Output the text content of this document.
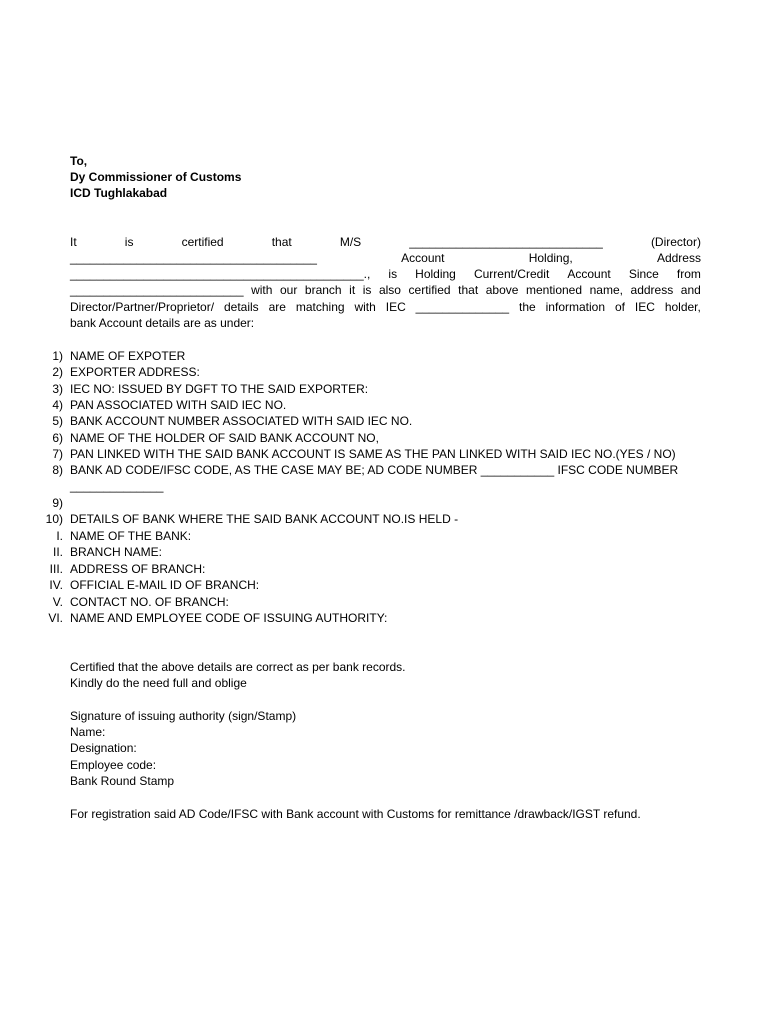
To,
Dy Commissioner of Customs
ICD Tughlakabad
It	is	certified	that	M/S	_____________________________	(Director)
_____________________________________	Account	Holding,	Address
____________________________________________., is Holding Current/Credit Account Since from
__________________________ with our branch it is also certified that above mentioned name, address and
Director/Partner/Proprietor/ details are matching with IEC ______________ the information of IEC holder,
bank Account details are as under:
1) NAME OF EXPOTER
2) EXPORTER ADDRESS:
3) IEC NO: ISSUED BY DGFT TO THE SAID EXPORTER:
4) PAN ASSOCIATED WITH SAID IEC NO.
5) BANK ACCOUNT NUMBER ASSOCIATED WITH SAID IEC NO.
6) NAME OF THE HOLDER OF SAID BANK ACCOUNT NO,
7) PAN LINKED WITH THE SAID BANK ACCOUNT IS SAME AS THE PAN LINKED WITH SAID IEC NO.(YES / NO)
8) BANK AD CODE/IFSC CODE, AS THE CASE MAY BE; AD CODE NUMBER ___________ IFSC CODE NUMBER
______________
9)
10) DETAILS OF BANK WHERE THE SAID BANK ACCOUNT NO.IS HELD -
I. NAME OF THE BANK:
II. BRANCH NAME:
III. ADDRESS OF BRANCH:
IV. OFFICIAL E-MAIL ID OF BRANCH:
V. CONTACT NO. OF BRANCH:
VI. NAME AND EMPLOYEE CODE OF ISSUING AUTHORITY:
Certified that the above details are correct as per bank records.
Kindly do the need full and oblige
Signature of issuing authority (sign/Stamp)
Name:
Designation:
Employee code:
Bank Round Stamp
For registration said AD Code/IFSC with Bank account with Customs for remittance /drawback/IGST refund.
